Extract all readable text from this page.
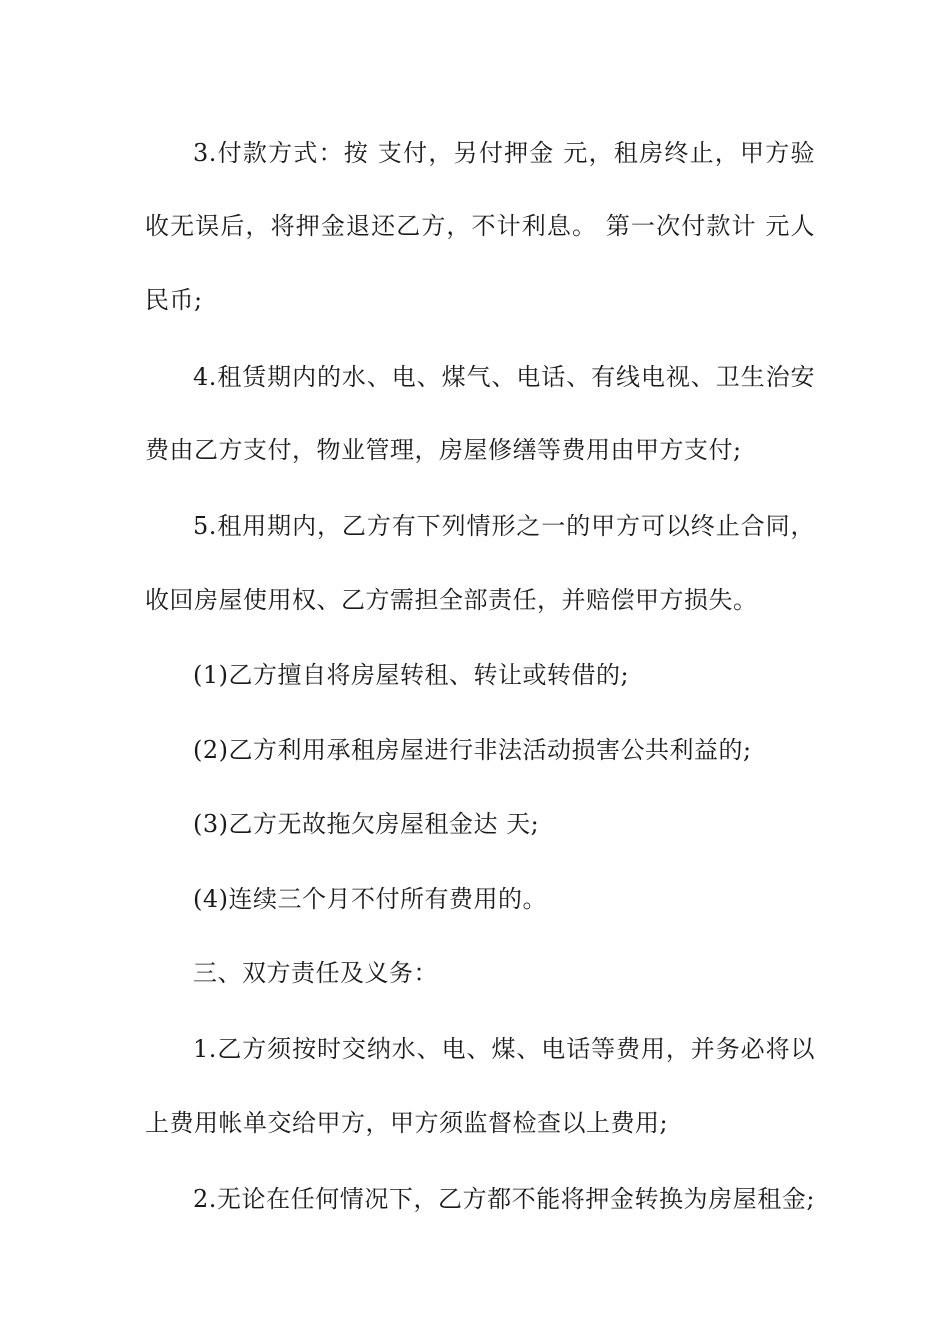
3.付款方式：按 支付，另付押金 元，租房终止，甲方验
收无误后，将押金退还乙方，不计利息。 第一次付款计 元人
民币;
4.租赁期内的水、电、煤气、电话、有线电视、卫生治安
费由乙方支付，物业管理，房屋修缮等费用由甲方支付;
5.租用期内，乙方有下列情形之一的甲方可以终止合同，
收回房屋使用权、乙方需担全部责任，并赔偿甲方损失。
(1)乙方擅自将房屋转租、转让或转借的;
(2)乙方利用承租房屋进行非法活动损害公共利益的;
(3)乙方无故拖欠房屋租金达 天;
(4)连续三个月不付所有费用的。
三、双方责任及义务：
1.乙方须按时交纳水、电、煤、电话等费用，并务必将以
上费用帐单交给甲方，甲方须监督检查以上费用;
2.无论在任何情况下，乙方都不能将押金转换为房屋租金;
